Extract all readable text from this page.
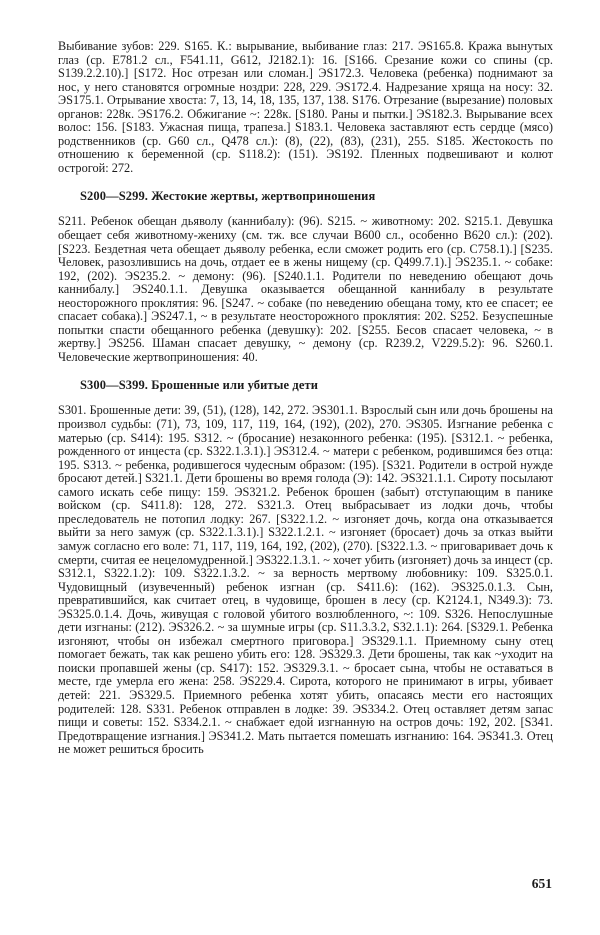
Выбивание зубов: 229. S165. К.: вырывание, выбивание глаз: 217. ЭS165.8. Кража вынутых глаз (ср. Е781.2 сл., F541.11, G612, J2182.1): 16. [S166. Срезание кожи со спины (ср. S139.2.2.10).] [S172. Нос отрезан или сломан.] ЭS172.3. Человека (ребенка) поднимают за нос, у него становятся огромные ноздри: 228, 229. ЭS172.4. Надрезание хряща на носу: 32. ЭS175.1. Отрывание хвоста: 7, 13, 14, 18, 135, 137, 138. S176. Отрезание (вырезание) половых органов: 228к. ЭS176.2. Обжигание ~: 228к. [S180. Раны и пытки.] ЭS182.3. Вырывание всех волос: 156. [S183. Ужасная пища, трапеза.] S183.1. Человека заставляют есть сердце (мясо) родственников (ср. G60 сл., Q478 сл.): (8), (22), (83), (231), 255. S185. Жестокость по отношению к беременной (ср. S118.2): (151). ЭS192. Пленных подвешивают и колют острогой: 272.

S200—S299. Жестокие жертвы, жертвоприношения

S211. Ребенок обещан дьяволу (каннибалу): (96). S215. ~ животному: 202. S215.1. Девушка обещает себя животному-жениху (см. тж. все случаи В600 сл., особенно В620 сл.): (202). [S223. Бездетная чета обещает дьяволу ребенка, если сможет родить его (ср. С758.1).] [S235. Человек, разозлившись на дочь, отдает ее в жены нищему (ср. Q499.7.1).] ЭS235.1. ~ собаке: 192, (202). ЭS235.2. ~ демону: (96). [S240.1.1. Родители по неведению обещают дочь каннибалу.] ЭS240.1.1. Девушка оказывается обещанной каннибалу в результате неосторожного проклятия: 96. [S247. ~ собаке (по неведению обещана тому, кто ее спасет; ее спасает собака).] ЭS247.1, ~ в результате неосторожного проклятия: 202. S252. Безуспешные попытки спасти обещанного ребенка (девушку): 202. [S255. Бесов спасает человека, ~ в жертву.] ЭS256. Шаман спасает девушку, ~ демону (ср. R239.2, V229.5.2): 96. S260.1. Человеческие жертвоприношения: 40.

S300—S399. Брошенные или убитые дети

S301. Брошенные дети: 39, (51), (128), 142, 272. ЭS301.1. Взрослый сын или дочь брошены на произвол судьбы: (71), 73, 109, 117, 119, 164, (192), (202), 270. ЭS305. Изгнание ребенка с матерью (ср. S414): 195. S312. ~ (бросание) незаконного ребенка: (195). [S312.1. ~ ребенка, рожденного от инцеста (ср. S322.1.3.1).] ЭS312.4. ~ матери с ребенком, родившимся без отца: 195. S313. ~ ребенка, родившегося чудесным образом: (195). [S321. Родители в острой нужде бросают детей.] S321.1. Дети брошены во время голода (Э): 142. ЭS321.1.1. Сироту посылают самого искать себе пищу: 159. ЭS321.2. Ребенок брошен (забыт) отступающим в панике войском (ср. S411.8): 128, 272. S321.3. Отец выбрасывает из лодки дочь, чтобы преследователь не потопил лодку: 267. [S322.1.2. ~ изгоняет дочь, когда она отказывается выйти за него замуж (ср. S322.1.3.1).] S322.1.2.1. ~ изгоняет (бросает) дочь за отказ выйти замуж согласно его воле: 71, 117, 119, 164, 192, (202), (270). [S322.1.3. ~ приговаривает дочь к смерти, считая ее нецеломудренной.] ЭS322.1.3.1. ~ хочет убить (изгоняет) дочь за инцест (ср. S312.1, S322.1.2): 109. S322.1.3.2. ~ за верность мертвому любовнику: 109. S325.0.1. Чудовищный (изувеченный) ребенок изгнан (ср. S411.6): (162). ЭS325.0.1.3. Сын, превратившийся, как считает отец, в чудовище, брошен в лесу (ср. K2124.1, N349.3): 73. ЭS325.0.1.4. Дочь, живущая с головой убитого возлюбленного, ~: 109. S326. Непослушные дети изгнаны: (212). ЭS326.2. ~ за шумные игры (ср. S11.3.3.2, S32.1.1): 264. [S329.1. Ребенка изгоняют, чтобы он избежал смертного приговора.] ЭS329.1.1. Приемному сыну отец помогает бежать, так как решено убить его: 128. ЭS329.3. Дети брошены, так как ~уходит на поиски пропавшей жены (ср. S417): 152. ЭS329.3.1. ~ бросает сына, чтобы не оставаться в месте, где умерла его жена: 258. ЭS229.4. Сирота, которого не принимают в игры, убивает детей: 221. ЭS329.5. Приемного ребенка хотят убить, опасаясь мести его настоящих родителей: 128. S331. Ребенок отправлен в лодке: 39. ЭS334.2. Отец оставляет детям запас пищи и советы: 152. S334.2.1. ~ снабжает едой изгнанную на остров дочь: 192, 202. [S341. Предотвращение изгнания.] ЭS341.2. Мать пытается помешать изгнанию: 164. ЭS341.3. Отец не может решиться бросить

651
